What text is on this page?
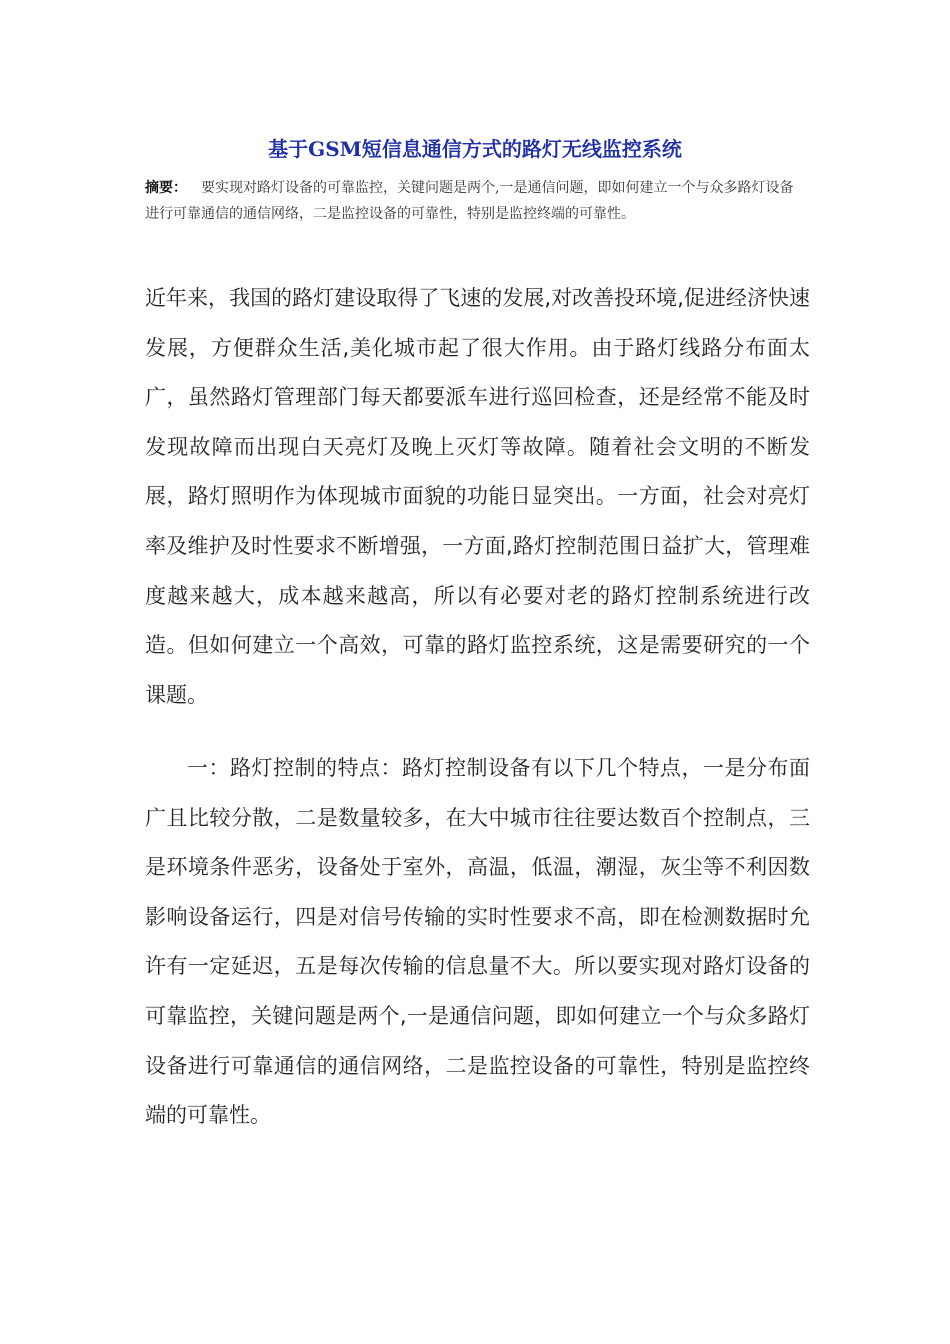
基于GSM短信息通信方式的路灯无线监控系统

摘要： 要实现对路灯设备的可靠监控，关键问题是两个,一是通信问题，即如何建立一个与众多路灯设备进行可靠通信的通信网络，二是监控设备的可靠性，特别是监控终端的可靠性。

近年来，我国的路灯建设取得了飞速的发展,对改善投环境,促进经济快速发展，方便群众生活,美化城市起了很大作用。由于路灯线路分布面太广，虽然路灯管理部门每天都要派车进行巡回检查，还是经常不能及时发现故障而出现白天亮灯及晚上灭灯等故障。随着社会文明的不断发展，路灯照明作为体现城市面貌的功能日显突出。一方面，社会对亮灯率及维护及时性要求不断增强，一方面,路灯控制范围日益扩大，管理难度越来越大，成本越来越高，所以有必要对老的路灯控制系统进行改造。但如何建立一个高效，可靠的路灯监控系统，这是需要研究的一个课题。

一：路灯控制的特点：路灯控制设备有以下几个特点，一是分布面广且比较分散，二是数量较多，在大中城市往往要达数百个控制点，三是环境条件恶劣，设备处于室外，高温，低温，潮湿，灰尘等不利因数影响设备运行，四是对信号传输的实时性要求不高，即在检测数据时允许有一定延迟，五是每次传输的信息量不大。所以要实现对路灯设备的可靠监控，关键问题是两个,一是通信问题，即如何建立一个与众多路灯设备进行可靠通信的通信网络，二是监控设备的可靠性，特别是监控终端的可靠性。
